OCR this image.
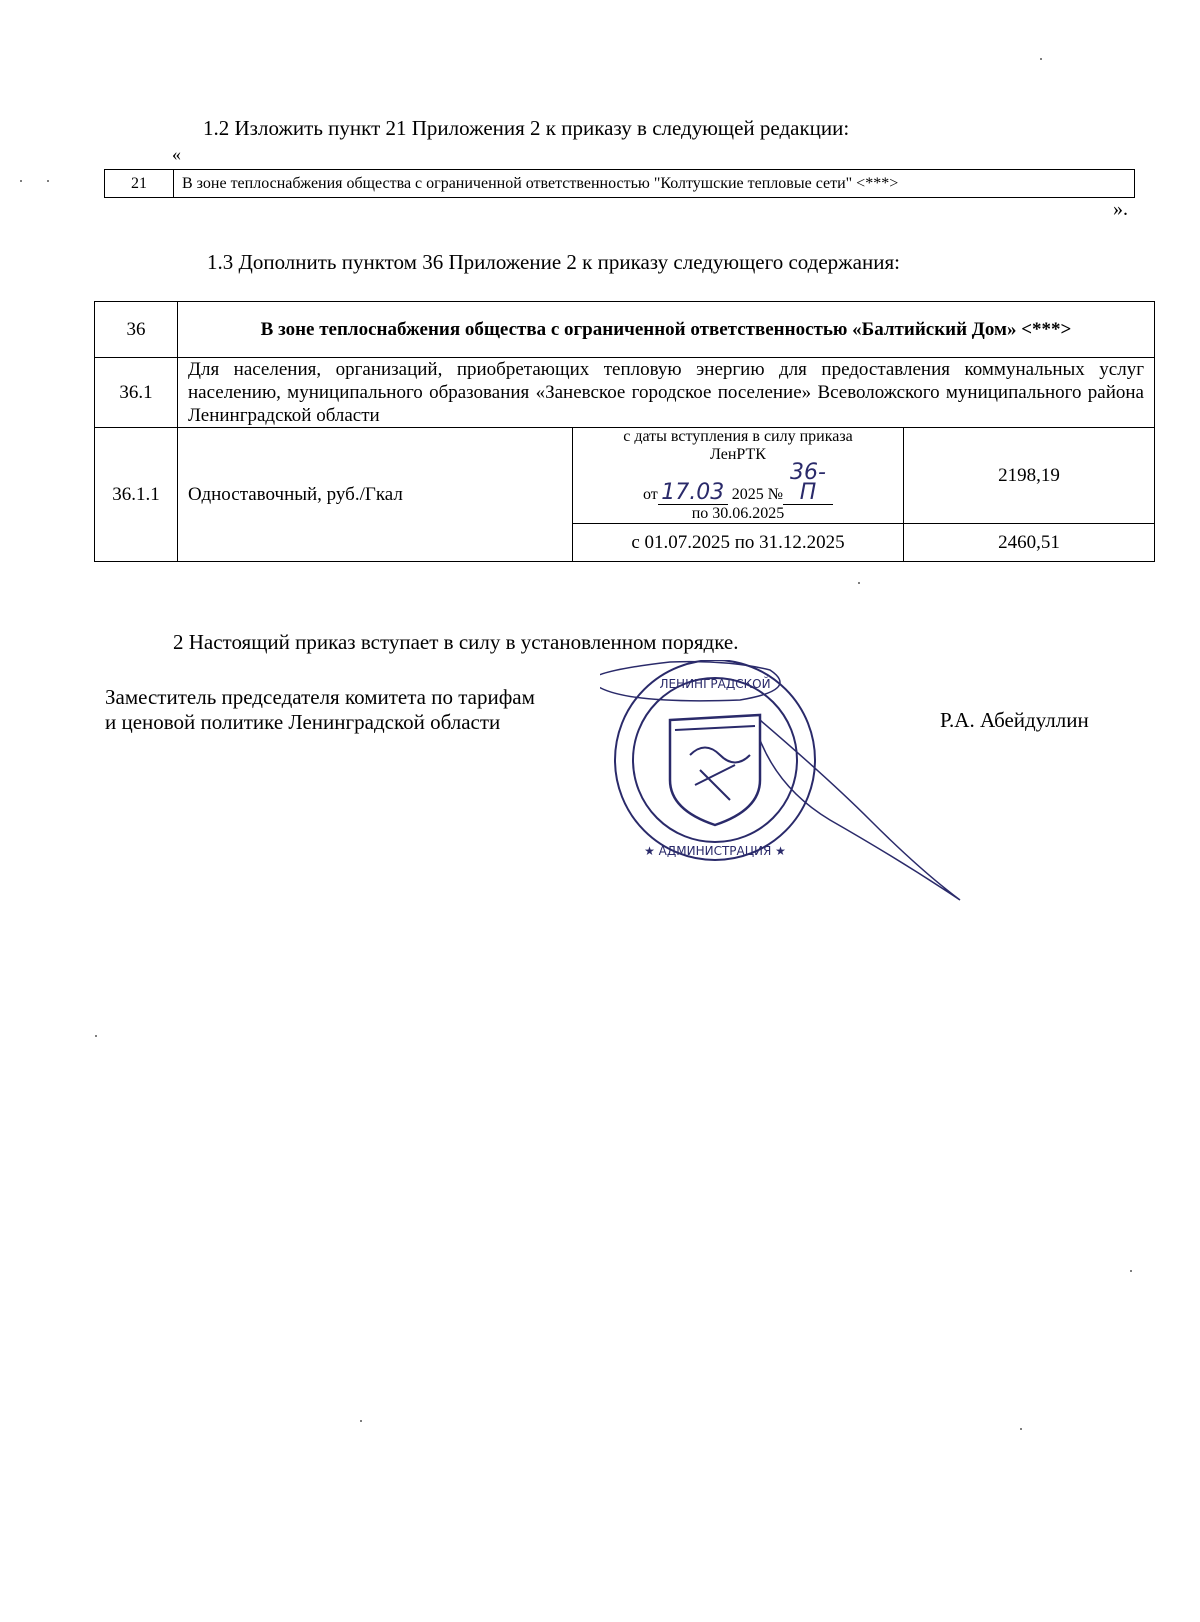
1.2 Изложить пункт 21 Приложения 2 к приказу в следующей редакции:
«
21	В зоне теплоснабжения общества с ограниченной ответственностью "Колтушские тепловые сети" <***>
».
1.3 Дополнить пунктом 36 Приложение 2 к приказу следующего содержания:
36	В зоне теплоснабжения общества с ограниченной ответственностью «Балтийский Дом» <***>		
36.1	Для населения, организаций, приобретающих тепловую энергию для предоставления коммунальных услуг населению, муниципального образования «Заневское городское поселение» Всеволожского муниципального района Ленинградской области		
36.1.1	Одноставочный, руб./Гкал	с даты вступления в силу приказа
ЛенРТК
от 17.03 2025 №36-П
по 30.06.2025	2198,19
		с 01.07.2025 по 31.12.2025	2460,51
2 Настоящий приказ вступает в силу в установленном порядке.
Заместитель председателя комитета по тарифам
и ценовой политике Ленинградской области	Р.А. Абейдуллин
ЛЕНИНГРАДСКОЙ
★ АДМИНИСТРАЦИЯ ★
